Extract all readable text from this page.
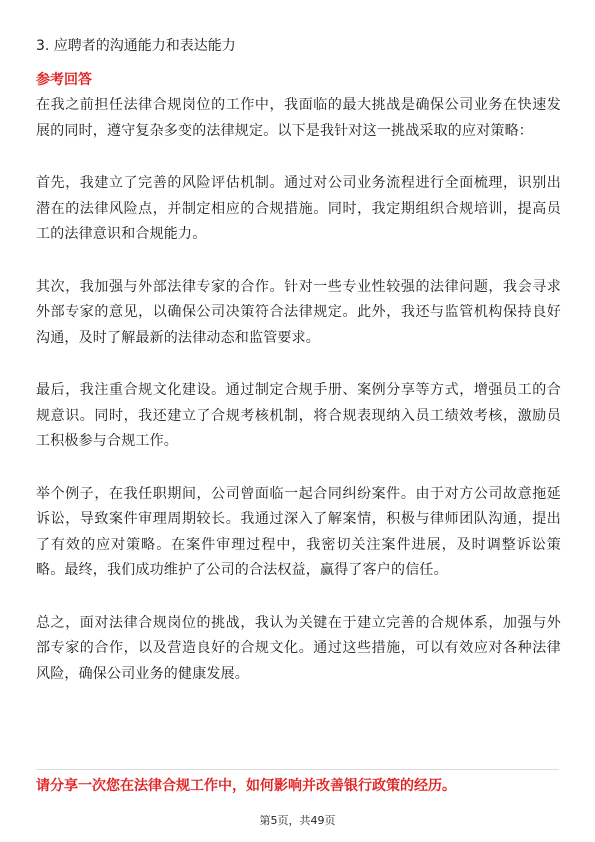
3. 应聘者的沟通能力和表达能力
参考回答

在我之前担任法律合规岗位的工作中，我面临的最大挑战是确保公司业务在快速发展的同时，遵守复杂多变的法律规定。以下是我针对这一挑战采取的应对策略：

首先，我建立了完善的风险评估机制。通过对公司业务流程进行全面梳理，识别出潜在的法律风险点，并制定相应的合规措施。同时，我定期组织合规培训，提高员工的法律意识和合规能力。

其次，我加强与外部法律专家的合作。针对一些专业性较强的法律问题，我会寻求外部专家的意见，以确保公司决策符合法律规定。此外，我还与监管机构保持良好沟通，及时了解最新的法律动态和监管要求。

最后，我注重合规文化建设。通过制定合规手册、案例分享等方式，增强员工的合规意识。同时，我还建立了合规考核机制，将合规表现纳入员工绩效考核，激励员工积极参与合规工作。

举个例子，在我任职期间，公司曾面临一起合同纠纷案件。由于对方公司故意拖延诉讼，导致案件审理周期较长。我通过深入了解案情，积极与律师团队沟通，提出了有效的应对策略。在案件审理过程中，我密切关注案件进展，及时调整诉讼策略。最终，我们成功维护了公司的合法权益，赢得了客户的信任。

总之，面对法律合规岗位的挑战，我认为关键在于建立完善的合规体系，加强与外部专家的合作，以及营造良好的合规文化。通过这些措施，可以有效应对各种法律风险，确保公司业务的健康发展。

请分享一次您在法律合规工作中，如何影响并改善银行政策的经历。
第5页，共49页
